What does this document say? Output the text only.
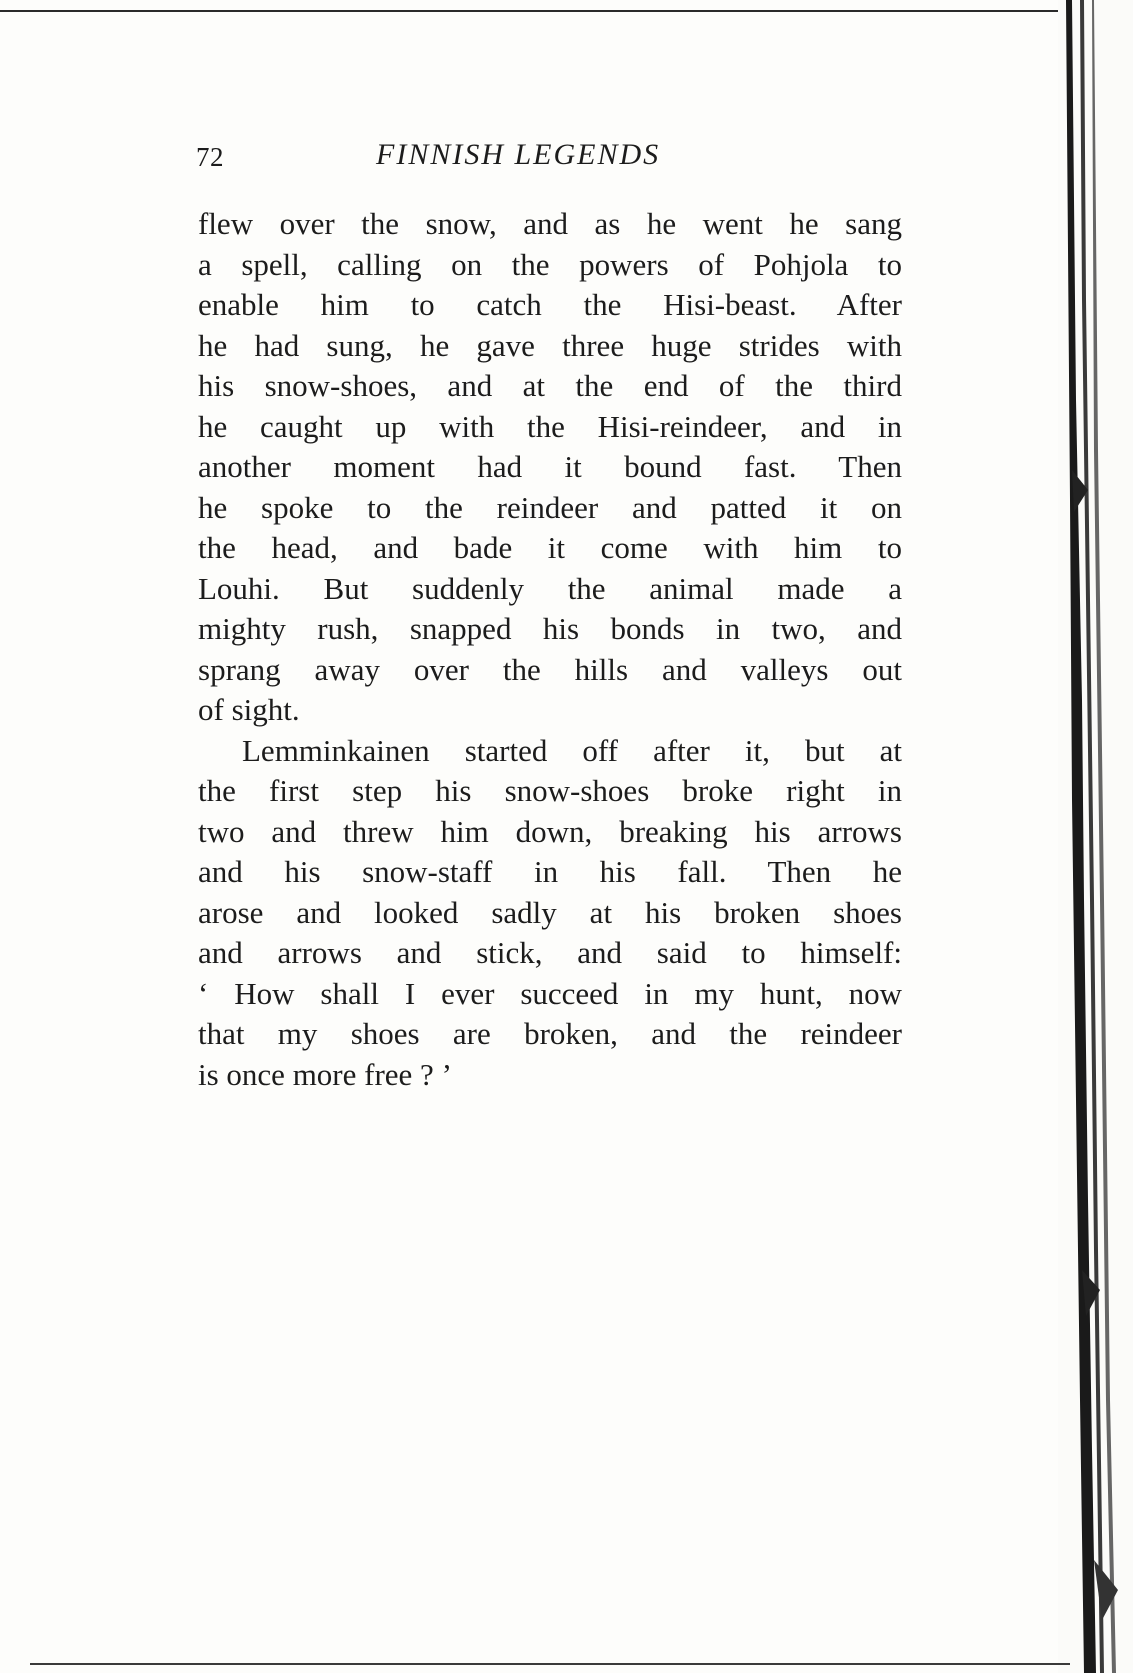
72	FINNISH LEGENDS

flew over the snow, and as he went he sang
a spell, calling on the powers of Pohjola to
enable him to catch the Hisi-beast. After
he had sung, he gave three huge strides with
his snow-shoes, and at the end of the third
he caught up with the Hisi-reindeer, and in
another moment had it bound fast. Then
he spoke to the reindeer and patted it on
the head, and bade it come with him to
Louhi. But suddenly the animal made a
mighty rush, snapped his bonds in two, and
sprang away over the hills and valleys out
of sight.

Lemminkainen started off after it, but at
the first step his snow-shoes broke right in
two and threw him down, breaking his arrows
and his snow-staff in his fall. Then he
arose and looked sadly at his broken shoes
and arrows and stick, and said to himself:
‘ How shall I ever succeed in my hunt, now
that my shoes are broken, and the reindeer
is once more free ? ’
